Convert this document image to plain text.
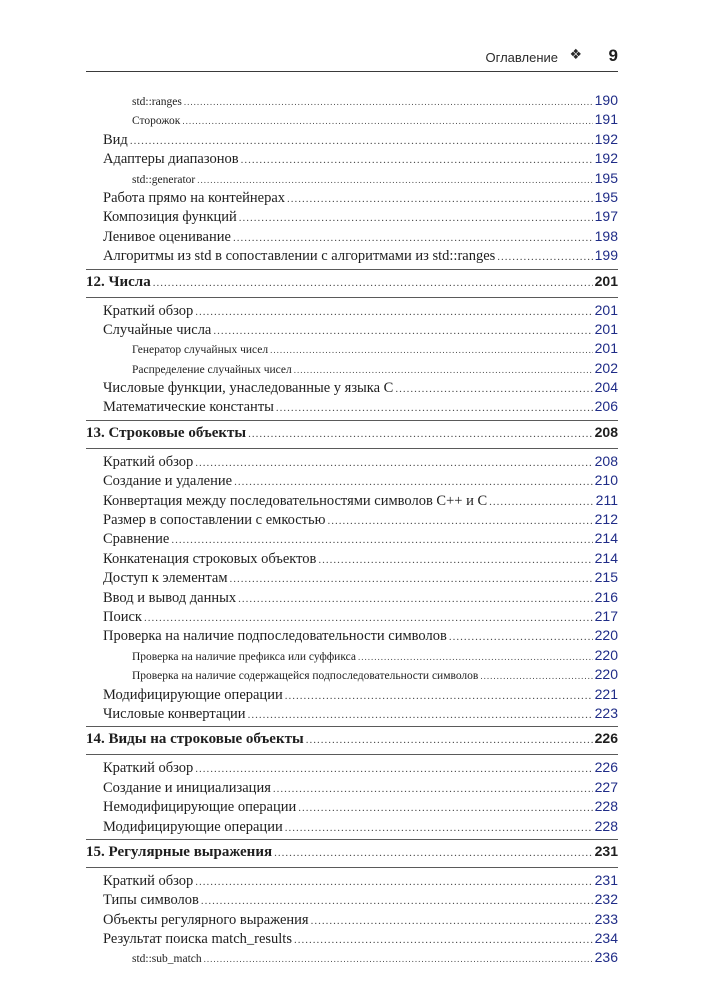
Оглавление ❖ 9
std::ranges .....	190
Сторожок .....	191
Вид .....	192
Адаптеры диапазонов .....	192
std::generator .....	195
Работа прямо на контейнерах .....	195
Композиция функций .....	197
Ленивое оценивание .....	198
Алгоритмы из std в сопоставлении с алгоритмами из std::ranges .....	199
12. Числа .....	201
Краткий обзор .....	201
Случайные числа .....	201
Генератор случайных чисел .....	201
Распределение случайных чисел .....	202
Числовые функции, унаследованные у языка C .....	204
Математические константы .....	206
13. Строковые объекты .....	208
Краткий обзор .....	208
Создание и удаление .....	210
Конвертация между последовательностями символов C++ и C .....	211
Размер в сопоставлении с емкостью .....	212
Сравнение .....	214
Конкатенация строковых объектов .....	214
Доступ к элементам .....	215
Ввод и вывод данных .....	216
Поиск .....	217
Проверка на наличие подпоследовательности символов .....	220
Проверка на наличие префикса или суффикса .....	220
Проверка на наличие содержащейся подпоследовательности символов .....	220
Модифицирующие операции .....	221
Числовые конвертации .....	223
14. Виды на строковые объекты .....	226
Краткий обзор .....	226
Создание и инициализация .....	227
Немодифицирующие операции .....	228
Модифицирующие операции .....	228
15. Регулярные выражения .....	231
Краткий обзор .....	231
Типы символов .....	232
Объекты регулярного выражения .....	233
Результат поиска match_results .....	234
std::sub_match .....	236
